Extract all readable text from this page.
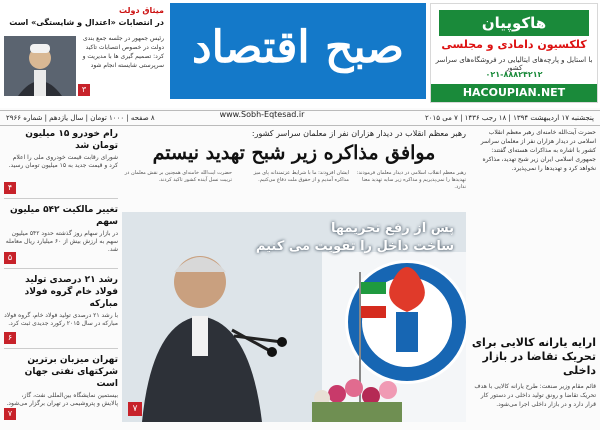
هاکوپیان
کلکسیون دامادی و مجلسی
با استایل و پارچه‌های ایتالیایی در فروشگاه‌های سراسر کشور
۰۲۱-۸۸۸۲۴۲۱۲
HACOUPIAN.NET
صبح اقتصاد
www.Sobh-Eqtesad.ir
میثاق دولت
در انتصابات «اعتدال و شایستگی» است
رئیس جمهور در جلسه جمع بندی دولت در خصوص انتصابات تاکید کرد: تصمیم گیری ها با مدیریت و سرپرستی شایسته انجام شود
۳
پنجشنبه ۱۷ اردیبهشت ۱۳۹۴ | ۱۸ رجب ۱۴۳۶ | ۷ می ۲۰۱۵
۸ صفحه | ۱۰۰۰ تومان | سال یازدهم | شماره ۲۹۶۶
حضرت آیت‌الله خامنه‌ای رهبر معظم انقلاب اسلامی در دیدار هزاران نفر از معلمان سراسر کشور با اشاره به مذاکرات هسته‌ای گفتند: جمهوری اسلامی ایران زیر شبح تهدید، مذاکره نخواهد کرد و تهدیدها را نمی‌پذیرد.
ارایه یارانه کالایی برای تحریک تقاضا در بازار داخلی
قائم مقام وزیر صنعت: طرح یارانه کالایی با هدف تحریک تقاضا و رونق تولید داخلی در دستور کار قرار دارد و در بازار داخلی اجرا می‌شود.
رام خودرو ۱۵ میلیون تومان شد
شورای رقابت قیمت خودروی ملی را اعلام کرد و قیمت جدید به ۱۵ میلیون تومان رسید.
۴
تغییر مالکیت ۵۴۲ میلیون سهم
در بازار سهام روز گذشته حدود ۵۴۲ میلیون سهم به ارزش بیش از ۶۰ میلیارد ریال معامله شد.
۵
رشد ۲۱ درصدی تولید فولاد خام گروه فولاد مبارکه
با رشد ۲۱ درصدی تولید فولاد خام، گروه فولاد مبارکه در سال ۲۰۱۵ رکورد جدیدی ثبت کرد.
۶
تهران میزبان برترین شرکتهای نفتی جهان است
بیستمین نمایشگاه بین‌المللی نفت، گاز، پالایش و پتروشیمی در تهران برگزار می‌شود.
۷
رهبر معظم انقلاب در دیدار هزاران نفر از معلمان سراسر کشور:
موافق مذاکره زیر شبح تهدید نیستم
رهبر معظم انقلاب اسلامی در دیدار معلمان فرمودند: تهدیدها را نمی‌پذیریم و مذاکره زیر سایه تهدید معنا ندارد.
ایشان افزودند: ما با شرایط عزتمندانه پای میز مذاکره آمدیم و از حقوق ملت دفاع می‌کنیم.
حضرت آیت‌الله خامنه‌ای همچنین بر نقش معلمان در تربیت نسل آینده کشور تاکید کردند.
پس از رفع تحریمها
ساخت داخل را تقویت می کنیم
۷
